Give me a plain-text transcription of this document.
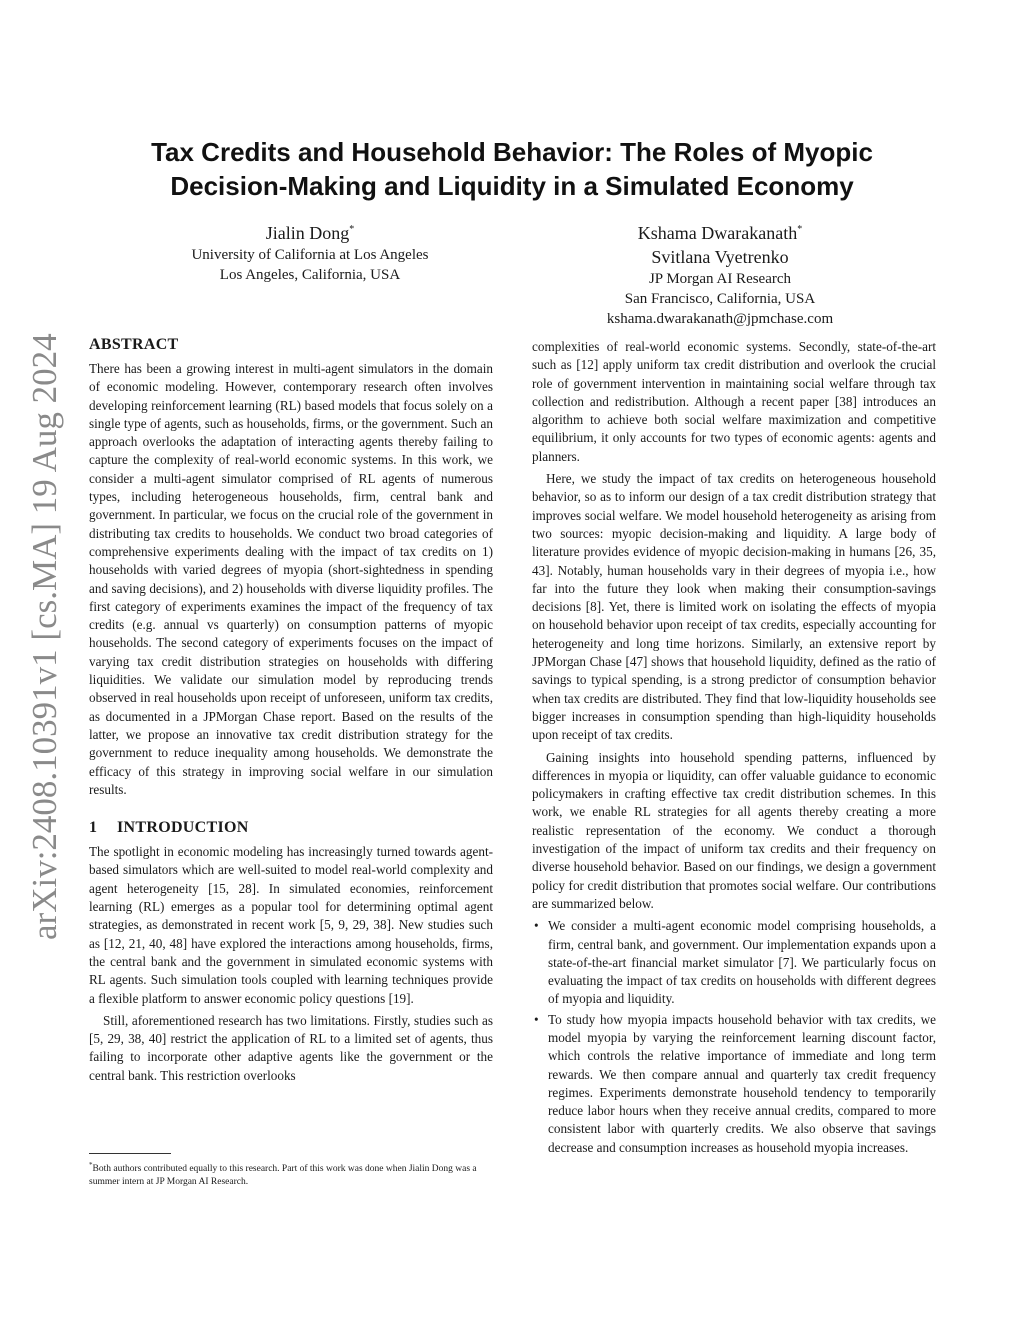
arXiv:2408.10391v1 [cs.MA] 19 Aug 2024
Tax Credits and Household Behavior: The Roles of Myopic
Decision-Making and Liquidity in a Simulated Economy
Jialin Dong*
University of California at Los Angeles
Los Angeles, California, USA
Kshama Dwarakanath*
Svitlana Vyetrenko
JP Morgan AI Research
San Francisco, California, USA
kshama.dwarakanath@jpmchase.com
ABSTRACT

There has been a growing interest in multi-agent simulators in the domain of economic modeling. However, contemporary research often involves developing reinforcement learning (RL) based models that focus solely on a single type of agents, such as households, firms, or the government. Such an approach overlooks the adaptation of interacting agents thereby failing to capture the complexity of real-world economic systems. In this work, we consider a multi-agent simulator comprised of RL agents of numerous types, including heterogeneous households, firm, central bank and government. In particular, we focus on the crucial role of the government in distributing tax credits to households. We conduct two broad categories of comprehensive experiments dealing with the impact of tax credits on 1) households with varied degrees of myopia (short-sightedness in spending and saving decisions), and 2) households with diverse liquidity profiles. The first category of experiments examines the impact of the frequency of tax credits (e.g. annual vs quarterly) on consumption patterns of myopic households. The second category of experiments focuses on the impact of varying tax credit distribution strategies on households with differing liquidities. We validate our simulation model by reproducing trends observed in real households upon receipt of unforeseen, uniform tax credits, as documented in a JPMorgan Chase report. Based on the results of the latter, we propose an innovative tax credit distribution strategy for the government to reduce inequality among households. We demonstrate the efficacy of this strategy in improving social welfare in our simulation results.

1 INTRODUCTION

The spotlight in economic modeling has increasingly turned towards agent-based simulators which are well-suited to model real-world complexity and agent heterogeneity [15, 28]. In simulated economies, reinforcement learning (RL) emerges as a popular tool for determining optimal agent strategies, as demonstrated in recent work [5, 9, 29, 38]. New studies such as [12, 21, 40, 48] have explored the interactions among households, firms, the central bank and the government in simulated economic systems with RL agents. Such simulation tools coupled with learning techniques provide a flexible platform to answer economic policy questions [19].

Still, aforementioned research has two limitations. Firstly, studies such as [5, 29, 38, 40] restrict the application of RL to a limited set of agents, thus failing to incorporate other adaptive agents like the government or the central bank. This restriction overlooks

*Both authors contributed equally to this research. Part of this work was done when Jialin Dong was a summer intern at JP Morgan AI Research.

complexities of real-world economic systems. Secondly, state-of-the-art such as [12] apply uniform tax credit distribution and overlook the crucial role of government intervention in maintaining social welfare through tax collection and redistribution. Although a recent paper [38] introduces an algorithm to achieve both social welfare maximization and competitive equilibrium, it only accounts for two types of economic agents: agents and planners.

Here, we study the impact of tax credits on heterogeneous household behavior, so as to inform our design of a tax credit distribution strategy that improves social welfare. We model household heterogeneity as arising from two sources: myopic decision-making and liquidity. A large body of literature provides evidence of myopic decision-making in humans [26, 35, 43]. Notably, human households vary in their degrees of myopia i.e., how far into the future they look when making their consumption-savings decisions [8]. Yet, there is limited work on isolating the effects of myopia on household behavior upon receipt of tax credits, especially accounting for heterogeneity and long time horizons. Similarly, an extensive report by JPMorgan Chase [47] shows that household liquidity, defined as the ratio of savings to typical spending, is a strong predictor of consumption behavior when tax credits are distributed. They find that low-liquidity households see bigger increases in consumption spending than high-liquidity households upon receipt of tax credits.

Gaining insights into household spending patterns, influenced by differences in myopia or liquidity, can offer valuable guidance to economic policymakers in crafting effective tax credit distribution schemes. In this work, we enable RL strategies for all agents thereby creating a more realistic representation of the economy. We conduct a thorough investigation of the impact of uniform tax credits and their frequency on diverse household behavior. Based on our findings, we design a government policy for credit distribution that promotes social welfare. Our contributions are summarized below.

• We consider a multi-agent economic model comprising households, a firm, central bank, and government. Our implementation expands upon a state-of-the-art financial market simulator [7]. We particularly focus on evaluating the impact of tax credits on households with different degrees of myopia and liquidity.
• To study how myopia impacts household behavior with tax credits, we model myopia by varying the reinforcement learning discount factor, which controls the relative importance of immediate and long term rewards. We then compare annual and quarterly tax credit frequency regimes. Experiments demonstrate household tendency to temporarily reduce labor hours when they receive annual credits, compared to more consistent labor with quarterly credits. We also observe that savings decrease and consumption increases as household myopia increases.
